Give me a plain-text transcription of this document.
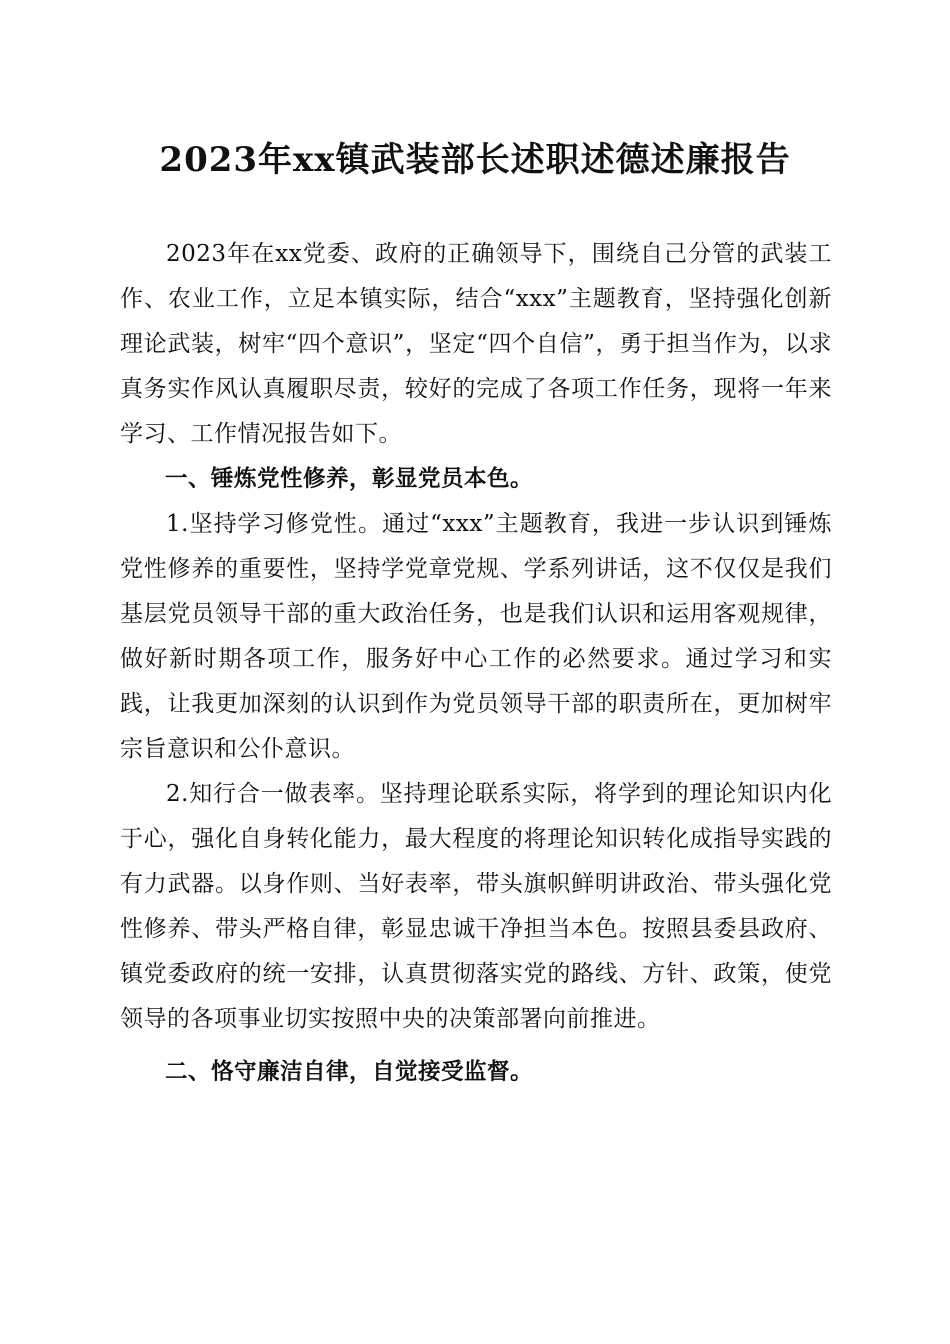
2023年xx镇武装部长述职述德述廉报告

2023年在xx党委、政府的正确领导下，围绕自己分管的武装工作、农业工作，立足本镇实际，结合“xxx”主题教育，坚持强化创新理论武装，树牢“四个意识”，坚定“四个自信”，勇于担当作为，以求真务实作风认真履职尽责，较好的完成了各项工作任务，现将一年来学习、工作情况报告如下。

一、锤炼党性修养，彰显党员本色。

1.坚持学习修党性。通过“xxx”主题教育，我进一步认识到锤炼党性修养的重要性，坚持学党章党规、学系列讲话，这不仅仅是我们基层党员领导干部的重大政治任务，也是我们认识和运用客观规律，做好新时期各项工作，服务好中心工作的必然要求。通过学习和实践，让我更加深刻的认识到作为党员领导干部的职责所在，更加树牢宗旨意识和公仆意识。

2.知行合一做表率。坚持理论联系实际，将学到的理论知识内化于心，强化自身转化能力，最大程度的将理论知识转化成指导实践的有力武器。以身作则、当好表率，带头旗帜鲜明讲政治、带头强化党性修养、带头严格自律，彰显忠诚干净担当本色。按照县委县政府、镇党委政府的统一安排，认真贯彻落实党的路线、方针、政策，使党领导的各项事业切实按照中央的决策部署向前推进。

二、恪守廉洁自律，自觉接受监督。
